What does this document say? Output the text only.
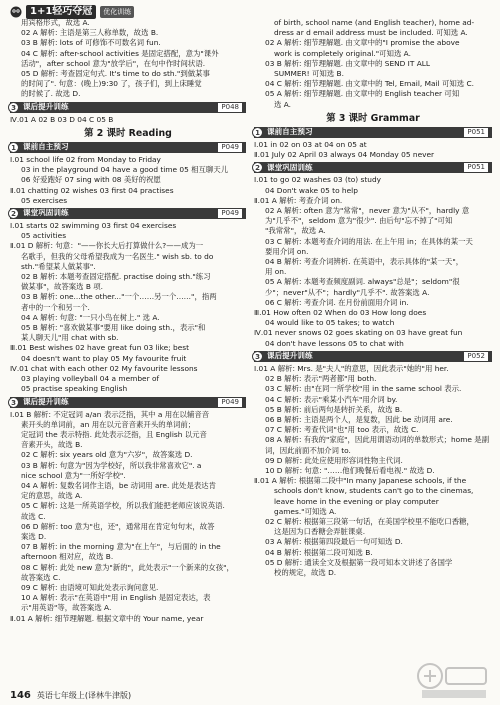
1+1轻巧夺冠	优化训练
用宾格形式，故选 A.
02 A 解析: 主语是第三人称单数，故选 B.
03 B 解析: lots of 可修饰不可数名词 fun.
04 C 解析: after-school activities 是固定搭配，意为"课外
活动"，after school 意为"放学后"，在句中作时间状语.
05 D 解析: 考查固定句式. It's time to do sth."到做某事
的时间了". 句意：(晚上)9:30 了，孩子们，到上床睡觉
的时候了. 故选 D.
3 课后提升训练	P048
Ⅳ.01 A 02 B 03 D 04 C 05 B
第 2 课时 Reading
1 课前自主预习	P049
Ⅰ.01 school life 02 from Monday to Friday
03 in the playground 04 have a good time 05 相互聊天儿
06 好爱跑好 07 sing with 08 美好的祝愿
Ⅱ.01 chatting 02 wishes 03 first 04 practises
05 exercises
2 课堂巩固训练	P049
Ⅰ.01 starts 02 swimming 03 first 04 exercises
05 activities
Ⅱ.01 D 解析: 句意："——你长大后打算做什么?——成为一
名歌手，但我的父母希望我成为一名医生." wish sb. to do
sth."希望某人做某事".
02 B 解析: 本题考查固定搭配. practise doing sth."练习
做某事"，故答案选 B 项.
03 B 解析: one...the other..."一个……另一个……"，指两
者中的一个和另一个.
04 A 解析: 句意: "一只小鸟在树上." 选 A.
05 B 解析: "喜欢做某事"要用 like doing sth.，表示"和
某人聊天儿"用 chat with sb.
Ⅲ.01 Best wishes 02 have great fun 03 like; best
04 doesn't want to play 05 My favourite fruit
Ⅳ.01 chat with each other 02 My favourite lessons
03 playing volleyball 04 a member of
05 practise speaking English
3 课后提升训练	P049
Ⅰ.01 B 解析: 不定冠词 a/an 表示泛指，其中 a 用在以辅音音
素开头的单词前，an 用在以元音音素开头的单词前；
定冠词 the 表示特指. 此处表示泛指，且 English 以元音
音素开头，故选 B.
02 C 解析: six years old 意为"六岁"，故答案选 D.
03 B 解析: 句意为"因为学校好，所以我非常喜欢它". a
nice school 意为"一所好学校".
04 A 解析: 复数名词作主语，be 动词用 are. 此处是表达肯
定的意思，故选 A.
05 C 解析: 这是一所英语学校，所以我们能把老师应该说英语.
故选 C.
06 D 解析: too 意为"也，还"，通常用在肯定句句末，故答
案选 D.
07 B 解析: in the morning 意为"在上午"，与后面的 in the
afternoon 相对应，故选 B.
08 C 解析: 此处 new 意为"新的"，此处表示"一个新来的女孩"，
故答案选 C.
09 C 解析: 由语境可知此处表示询问意见.
10 A 解析: 表示"在英语中"用 in English 是固定表达，表
示"用英语"等，故答案选 A.
Ⅱ.01 A 解析: 细节理解题. 根据文章中的 Your name, year
of birth, school name (and English teacher), home ad-
dress ar d email address must be included. 可知选 A.
02 A 解析: 细节理解题. 由文章中的"I promise the above
work is completely original."可知选 A.
03 B 解析: 细节理解题. 由文章中的 SEND IT ALL
SUMMER! 可知选 B.
04 C 解析: 细节理解题. 由文章中的 Tel, Email, Mail 可知选 C.
05 A 解析: 细节理解题. 由文章中的 English teacher 可知
选 A.
第 3 课时 Grammar
1 课前自主预习	P051
Ⅰ.01 in 02 on 03 at 04 on 05 at
Ⅱ.01 July 02 April 03 always 04 Monday 05 never
2 课堂巩固训练	P051
Ⅰ.01 to go 02 washes 03 (to) study
04 Don't wake 05 to help
Ⅱ.01 A 解析: 考查介词 on.
02 A 解析: often 意为"常常"，never 意为"从不"，hardly 意
为"几乎不"，seldom 意为"很少". 由后句"忘不掉了"可知
"我常常"，故选 A.
03 C 解析: 本题考查介词的用法. 在上午用 in；在具体的某一天
要用介词 on.
04 B 解析: 考查介词辨析. 在英语中，表示具体的"某一天"，
用 on.
05 A 解析: 本题考查频度副词. always"总是"；seldom"很
少"；never"从不"；hardly"几乎不". 故答案选 A.
06 C 解析: 考查介词. 在月份前面用介词 in.
Ⅲ.01 How often 02 When do 03 How long does
04 would like to 05 takes; to watch
Ⅳ.01 never snows 02 goes skating on 03 have great fun
04 don't have lessons 05 to chat with
3 课后提升训练	P052
Ⅰ.01 A 解析: Mrs. 是"夫人"的意思，因此表示"她的"用 her.
02 B 解析: 表示"两者都"用 both.
03 C 解析: 由"在同一所学校"用 in the same school 表示.
04 C 解析: 表示"乘某小汽车"用介词 by.
05 B 解析: 前后两句是转折关系，故选 B.
06 B 解析: 主语是两个人，是复数，因此 be 动词用 are.
07 C 解析: 考查代词"也"用 too 表示，故选 C.
08 A 解析: 有我的"家庭"，因此用谓语动词的单数形式；home 是副
词，因此前面不加介词 to.
09 D 解析: 此处应使用形容词性物主代词.
10 D 解析: 句意: "……他们晚餐后看电视." 故选 D.
Ⅱ.01 A 解析: 根据第二段中"In many Japanese schools, if the
schools don't know, students can't go to the cinemas,
leave home in the evening or play computer
games."可知选 A.
02 C 解析: 根据第三段第一句话，在美国学校里不能吃口香糖，
这是因为口香糖会弄脏课桌.
03 A 解析: 根据第四段最后一句可知选 D.
04 B 解析: 根据第二段可知选 B.
05 D 解析: 通读全文及根据第一段可知本文讲述了各国学
校的规定，故选 D.
146 英语七年级上(译林牛津版)
